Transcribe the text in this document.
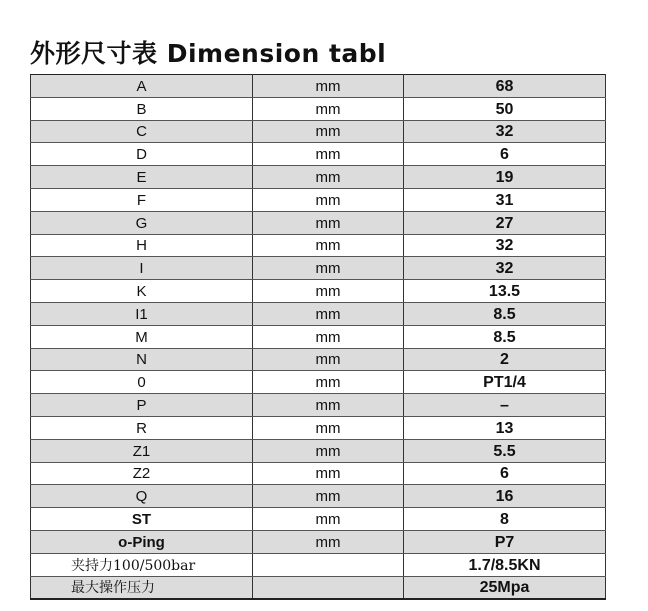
外形尺寸表 Dimension tabl
A	mm	68
B	mm	50
C	mm	32
D	mm	6
E	mm	19
F	mm	31
G	mm	27
H	mm	32
I	mm	32
K	mm	13.5
I1	mm	8.5
M	mm	8.5
N	mm	2
0	mm	PT1/4
P	mm	–
R	mm	13
Z1	mm	5.5
Z2	mm	6
Q	mm	16
ST	mm	8
o-Ping	mm	P7
夹持力100/500bar		1.7/8.5KN
最大操作压力		25Mpa
